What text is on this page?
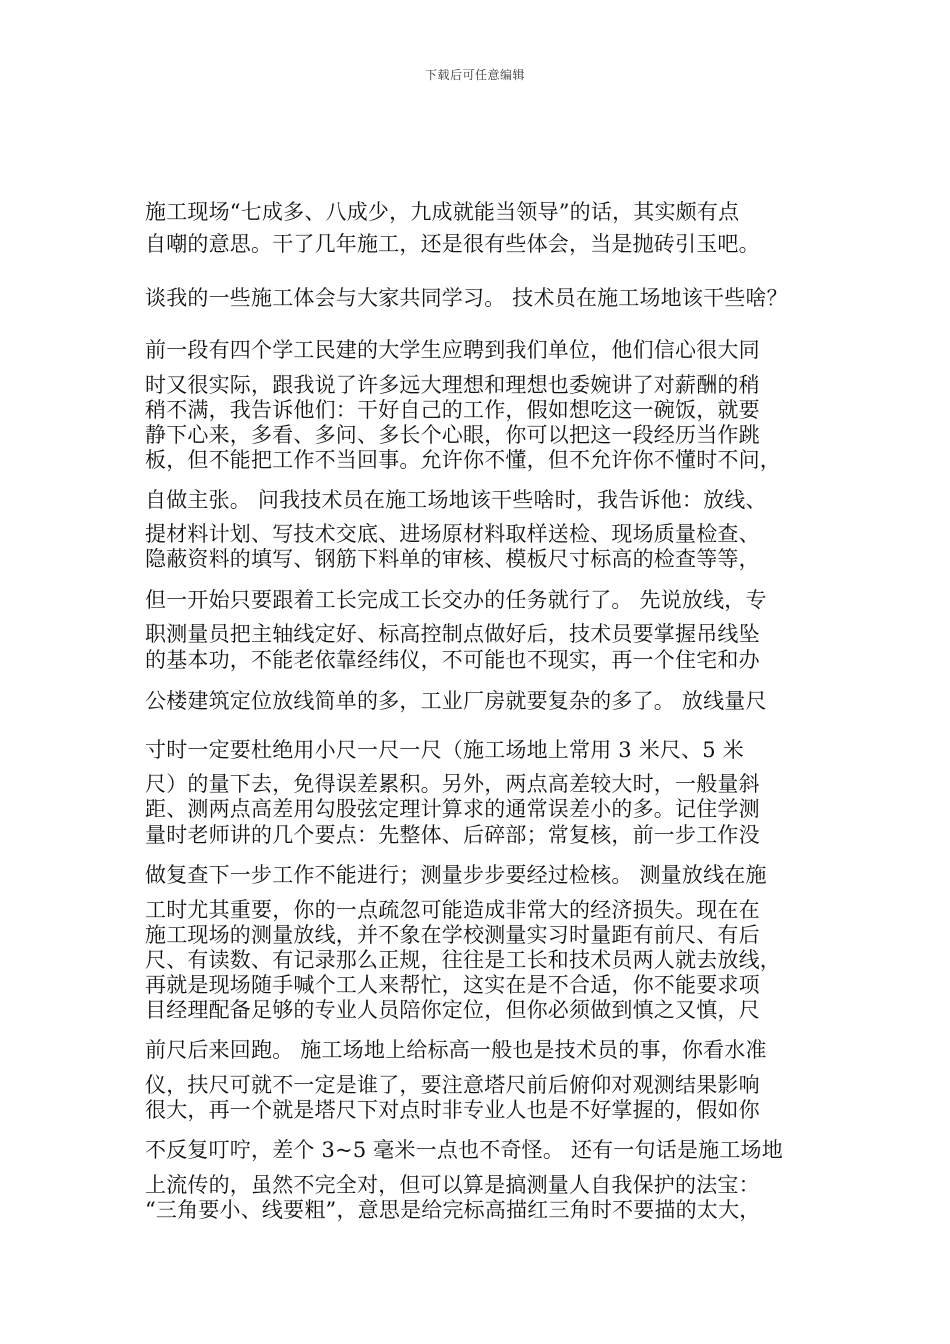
下载后可任意编辑
施工现场“七成多、八成少，九成就能当领导”的话，其实颇有点
自嘲的意思。干了几年施工，还是很有些体会，当是抛砖引玉吧。
谈我的一些施工体会与大家共同学习。 技术员在施工场地该干些啥？
前一段有四个学工民建的大学生应聘到我们单位，他们信心很大同
时又很实际，跟我说了许多远大理想和理想也委婉讲了对薪酬的稍
稍不满，我告诉他们：干好自己的工作，假如想吃这一碗饭，就要
静下心来，多看、多问、多长个心眼，你可以把这一段经历当作跳
板，但不能把工作不当回事。允许你不懂，但不允许你不懂时不问，
自做主张。 问我技术员在施工场地该干些啥时，我告诉他：放线、
提材料计划、写技术交底、进场原材料取样送检、现场质量检查、
隐蔽资料的填写、钢筋下料单的审核、模板尺寸标高的检查等等，
但一开始只要跟着工长完成工长交办的任务就行了。 先说放线，专
职测量员把主轴线定好、标高控制点做好后，技术员要掌握吊线坠
的基本功，不能老依靠经纬仪，不可能也不现实，再一个住宅和办
公楼建筑定位放线简单的多，工业厂房就要复杂的多了。 放线量尺
寸时一定要杜绝用小尺一尺一尺（施工场地上常用 3 米尺、5 米
尺）的量下去，免得误差累积。另外，两点高差较大时，一般量斜
距、测两点高差用勾股弦定理计算求的通常误差小的多。记住学测
量时老师讲的几个要点：先整体、后碎部；常复核，前一步工作没
做复查下一步工作不能进行；测量步步要经过检核。 测量放线在施
工时尤其重要，你的一点疏忽可能造成非常大的经济损失。现在在
施工现场的测量放线，并不象在学校测量实习时量距有前尺、有后
尺、有读数、有记录那么正规，往往是工长和技术员两人就去放线，
再就是现场随手喊个工人来帮忙，这实在是不合适，你不能要求项
目经理配备足够的专业人员陪你定位，但你必须做到慎之又慎，尺
前尺后来回跑。 施工场地上给标高一般也是技术员的事，你看水准
仪，扶尺可就不一定是谁了，要注意塔尺前后俯仰对观测结果影响
很大，再一个就是塔尺下对点时非专业人也是不好掌握的，假如你
不反复叮咛，差个 3~5 毫米一点也不奇怪。 还有一句话是施工场地
上流传的，虽然不完全对，但可以算是搞测量人自我保护的法宝：
“三角要小、线要粗”，意思是给完标高描红三角时不要描的太大，
